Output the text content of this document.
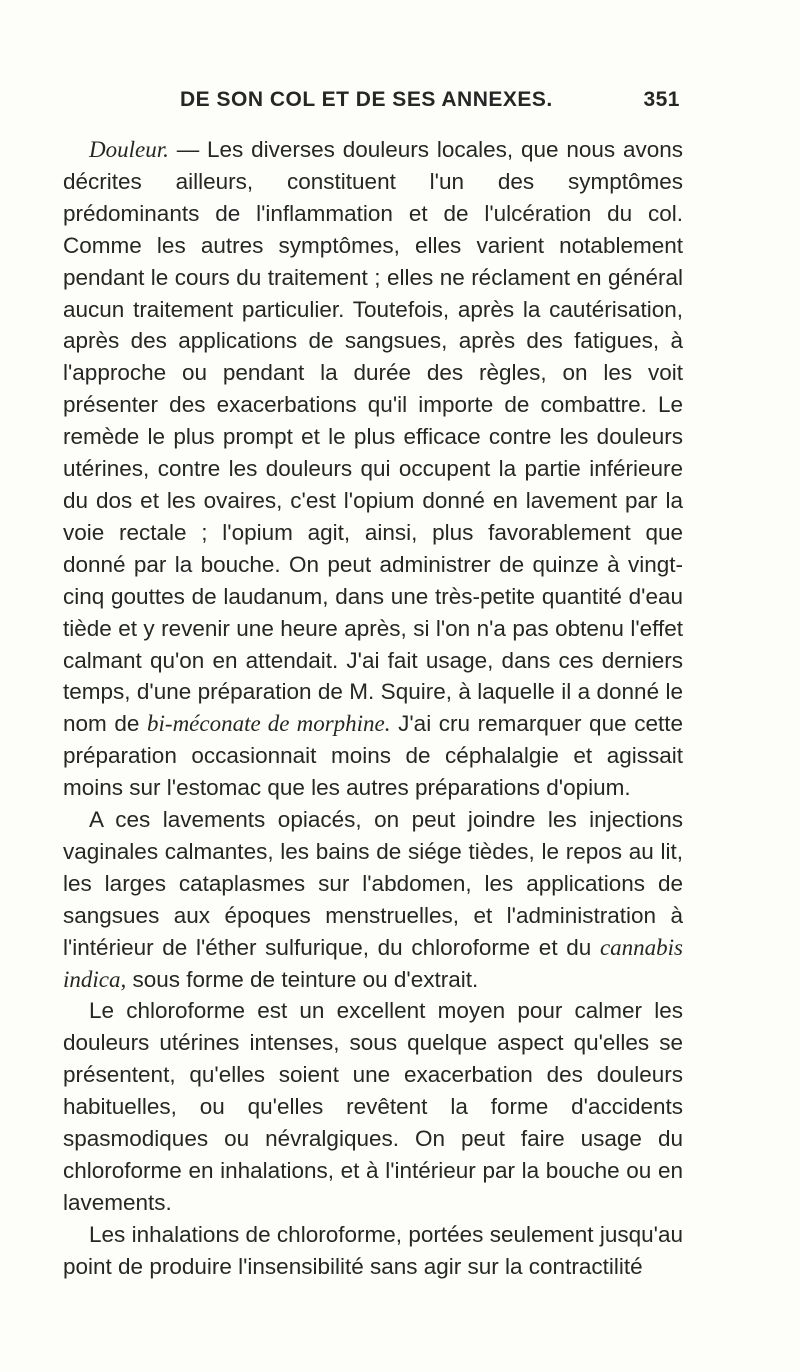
DE SON COL ET DE SES ANNEXES.	351

Douleur. — Les diverses douleurs locales, que nous avons décrites ailleurs, constituent l'un des symptômes prédominants de l'inflammation et de l'ulcération du col. Comme les autres symptômes, elles varient notablement pendant le cours du traitement ; elles ne réclament en général aucun traitement particulier. Toutefois, après la cautérisation, après des applications de sangsues, après des fatigues, à l'approche ou pendant la durée des règles, on les voit présenter des exacerbations qu'il importe de combattre. Le remède le plus prompt et le plus efficace contre les douleurs utérines, contre les douleurs qui occupent la partie inférieure du dos et les ovaires, c'est l'opium donné en lavement par la voie rectale ; l'opium agit, ainsi, plus favorablement que donné par la bouche. On peut administrer de quinze à vingt-cinq gouttes de laudanum, dans une très-petite quantité d'eau tiède et y revenir une heure après, si l'on n'a pas obtenu l'effet calmant qu'on en attendait. J'ai fait usage, dans ces derniers temps, d'une préparation de M. Squire, à laquelle il a donné le nom de bi-méconate de morphine. J'ai cru remarquer que cette préparation occasionnait moins de céphalalgie et agissait moins sur l'estomac que les autres préparations d'opium.

A ces lavements opiacés, on peut joindre les injections vaginales calmantes, les bains de siége tièdes, le repos au lit, les larges cataplasmes sur l'abdomen, les applications de sangsues aux époques menstruelles, et l'administration à l'intérieur de l'éther sulfurique, du chloroforme et du cannabis indica, sous forme de teinture ou d'extrait.

Le chloroforme est un excellent moyen pour calmer les douleurs utérines intenses, sous quelque aspect qu'elles se présentent, qu'elles soient une exacerbation des douleurs habituelles, ou qu'elles revêtent la forme d'accidents spasmodiques ou névralgiques. On peut faire usage du chloroforme en inhalations, et à l'intérieur par la bouche ou en lavements.

Les inhalations de chloroforme, portées seulement jusqu'au point de produire l'insensibilité sans agir sur la contractilité
